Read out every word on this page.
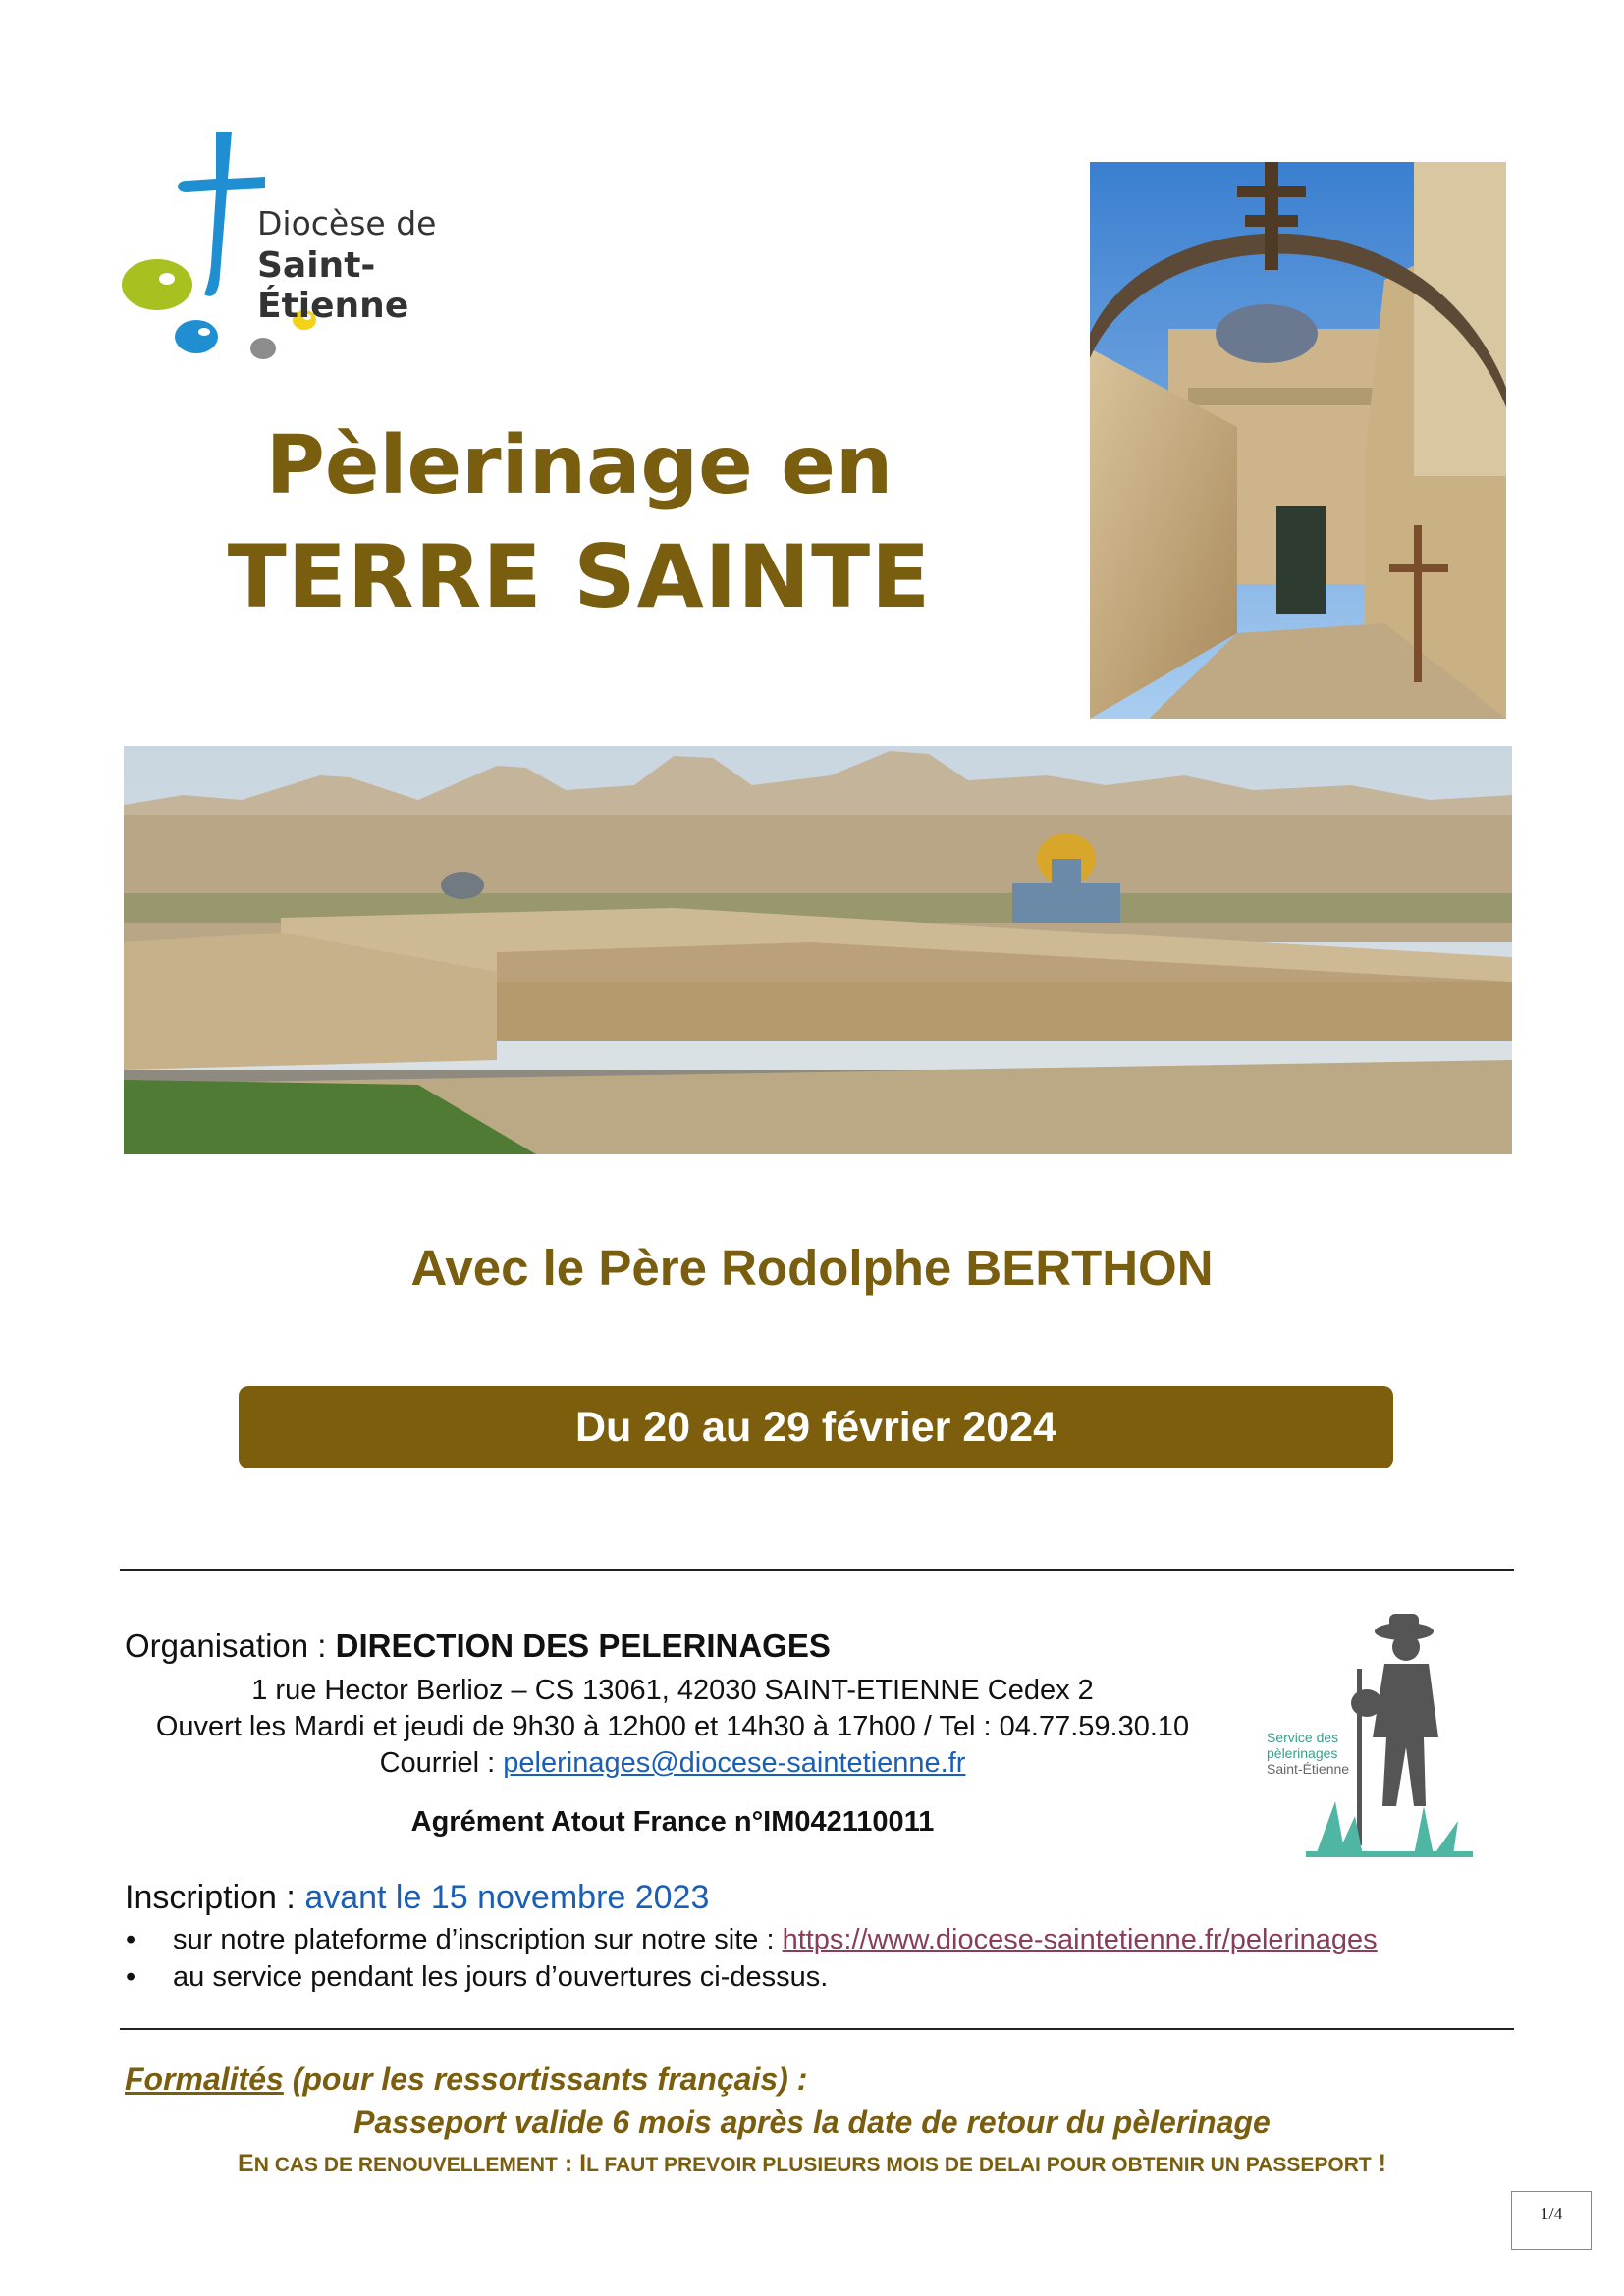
Diocèse de
Saint-Étienne
Pèlerinage en
TERRE SAINTE
Avec le Père Rodolphe BERTHON
Du 20 au 29 février 2024
Organisation : DIRECTION DES PELERINAGES
1 rue Hector Berlioz – CS 13061, 42030 SAINT-ETIENNE Cedex 2
Ouvert les Mardi et jeudi de 9h30 à 12h00 et 14h30 à 17h00 / Tel : 04.77.59.30.10
Courriel : pelerinages@diocese-saintetienne.fr
Agrément Atout France n°IM042110011
Service des
pèlerinages
Saint-Étienne
Inscription : avant le 15 novembre 2023
• sur notre plateforme d’inscription sur notre site : https://www.diocese-saintetienne.fr/pelerinages
• au service pendant les jours d’ouvertures ci-dessus.
Formalités (pour les ressortissants français) :
Passeport valide 6 mois après la date de retour du pèlerinage
EN CAS DE RENOUVELLEMENT : IL FAUT PREVOIR PLUSIEURS MOIS DE DELAI POUR OBTENIR UN PASSEPORT !
1/4
